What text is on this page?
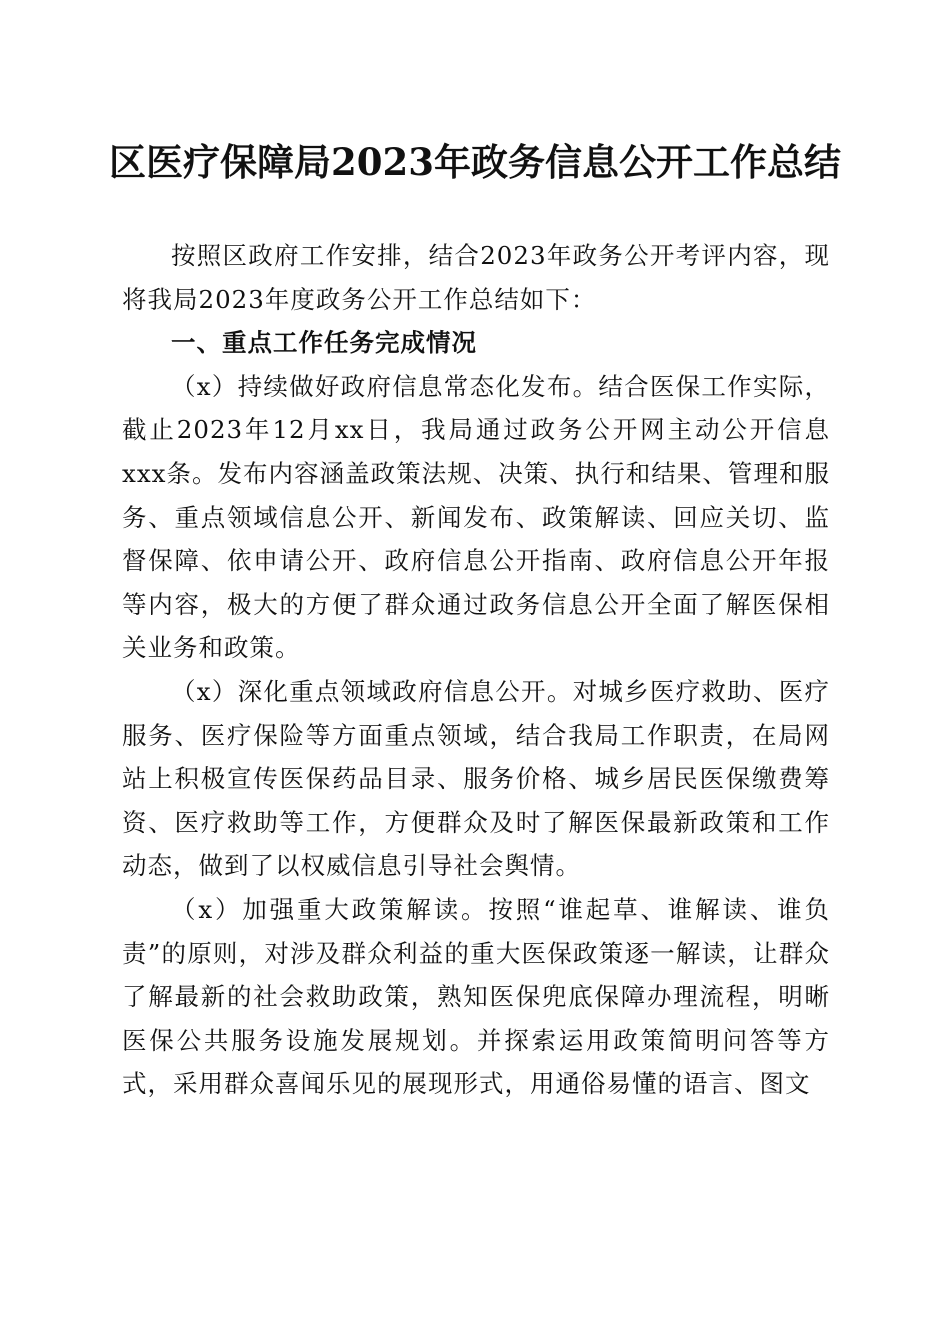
区医疗保障局2023年政务信息公开工作总结

按照区政府工作安排，结合2023年政务公开考评内容，现将我局2023年度政务公开工作总结如下：

一、重点工作任务完成情况

（x）持续做好政府信息常态化发布。结合医保工作实际，截止2023年12月xx日，我局通过政务公开网主动公开信息xxx条。发布内容涵盖政策法规、决策、执行和结果、管理和服务、重点领域信息公开、新闻发布、政策解读、回应关切、监督保障、依申请公开、政府信息公开指南、政府信息公开年报等内容，极大的方便了群众通过政务信息公开全面了解医保相关业务和政策。

（x）深化重点领域政府信息公开。对城乡医疗救助、医疗服务、医疗保险等方面重点领域，结合我局工作职责，在局网站上积极宣传医保药品目录、服务价格、城乡居民医保缴费筹资、医疗救助等工作，方便群众及时了解医保最新政策和工作动态，做到了以权威信息引导社会舆情。

（x）加强重大政策解读。按照“谁起草、谁解读、谁负责”的原则，对涉及群众利益的重大医保政策逐一解读，让群众了解最新的社会救助政策，熟知医保兜底保障办理流程，明晰医保公共服务设施发展规划。并探索运用政策简明问答等方式，采用群众喜闻乐见的展现形式，用通俗易懂的语言、图文
